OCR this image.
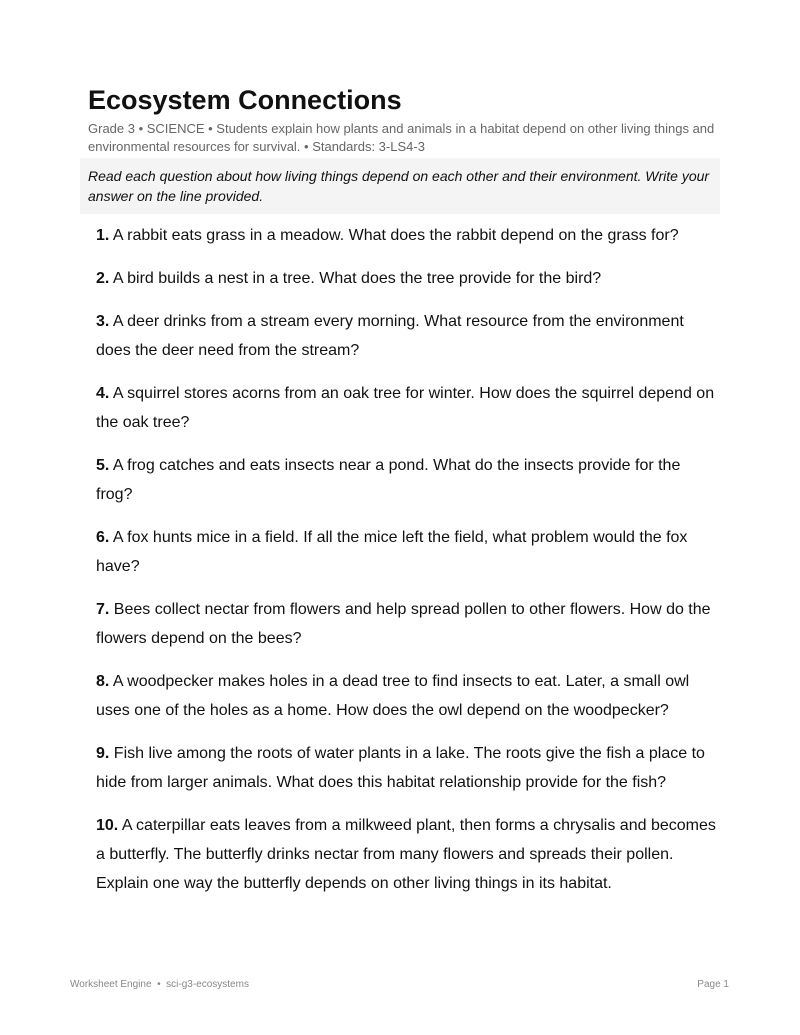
Ecosystem Connections
Grade 3 • SCIENCE • Students explain how plants and animals in a habitat depend on other living things and environmental resources for survival. • Standards: 3-LS4-3
Read each question about how living things depend on each other and their environment. Write your answer on the line provided.
1. A rabbit eats grass in a meadow. What does the rabbit depend on the grass for?
2. A bird builds a nest in a tree. What does the tree provide for the bird?
3. A deer drinks from a stream every morning. What resource from the environment does the deer need from the stream?
4. A squirrel stores acorns from an oak tree for winter. How does the squirrel depend on the oak tree?
5. A frog catches and eats insects near a pond. What do the insects provide for the frog?
6. A fox hunts mice in a field. If all the mice left the field, what problem would the fox have?
7. Bees collect nectar from flowers and help spread pollen to other flowers. How do the flowers depend on the bees?
8. A woodpecker makes holes in a dead tree to find insects to eat. Later, a small owl uses one of the holes as a home. How does the owl depend on the woodpecker?
9. Fish live among the roots of water plants in a lake. The roots give the fish a place to hide from larger animals. What does this habitat relationship provide for the fish?
10. A caterpillar eats leaves from a milkweed plant, then forms a chrysalis and becomes a butterfly. The butterfly drinks nectar from many flowers and spreads their pollen. Explain one way the butterfly depends on other living things in its habitat.
Worksheet Engine  •  sci-g3-ecosystems	Page 1
